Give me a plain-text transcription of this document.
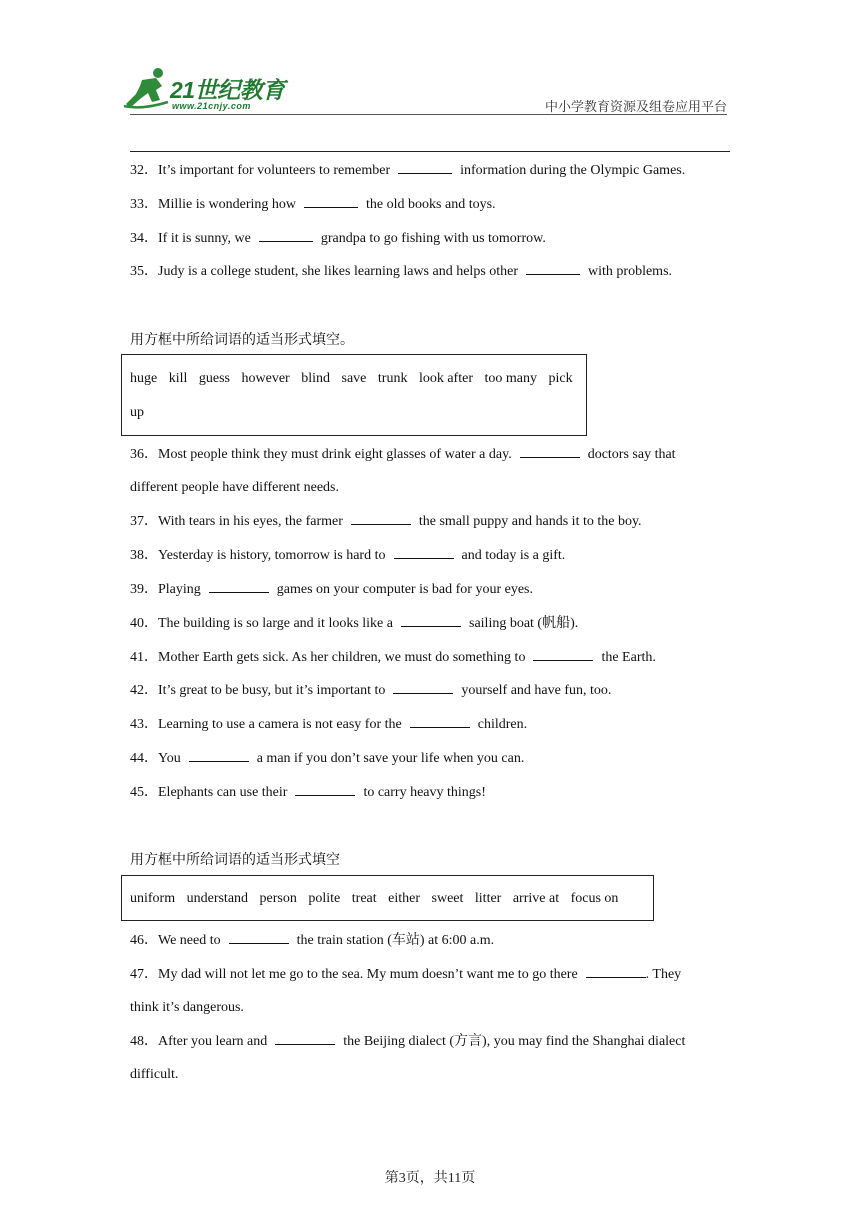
21世纪教育
www.21cnjy.com	中小学教育资源及组卷应用平台
32．It’s important for volunteers to remember	information during the Olympic Games.
33．Millie is wondering how	the old books and toys.
34．If it is sunny, we	grandpa to go fishing with us tomorrow.
35．Judy is a college student, she likes learning laws and helps other	with problems.
用方框中所给词语的适当形式填空。
huge kill guess however blind save trunk look after too many pick
up
36．Most people think they must drink eight glasses of water a day.	doctors say that
different people have different needs.
37．With tears in his eyes, the farmer	the small puppy and hands it to the boy.
38．Yesterday is history, tomorrow is hard to	and today is a gift.
39．Playing	games on your computer is bad for your eyes.
40．The building is so large and it looks like a	sailing boat (帆船).
41．Mother Earth gets sick. As her children, we must do something to	the Earth.
42．It’s great to be busy, but it’s important to	yourself and have fun, too.
43．Learning to use a camera is not easy for the	children.
44．You	a man if you don’t save your life when you can.
45．Elephants can use their	to carry heavy things!
用方框中所给词语的适当形式填空
uniform understand person polite treat either sweet litter arrive at focus on
46．We need to	the train station (车站) at 6:00 a.m.
47．My dad will not let me go to the sea. My mum doesn’t want me to go there	. They
think it’s dangerous.
48．After you learn and	the Beijing dialect (方言), you may find the Shanghai dialect
difficult.
第3页，共11页
